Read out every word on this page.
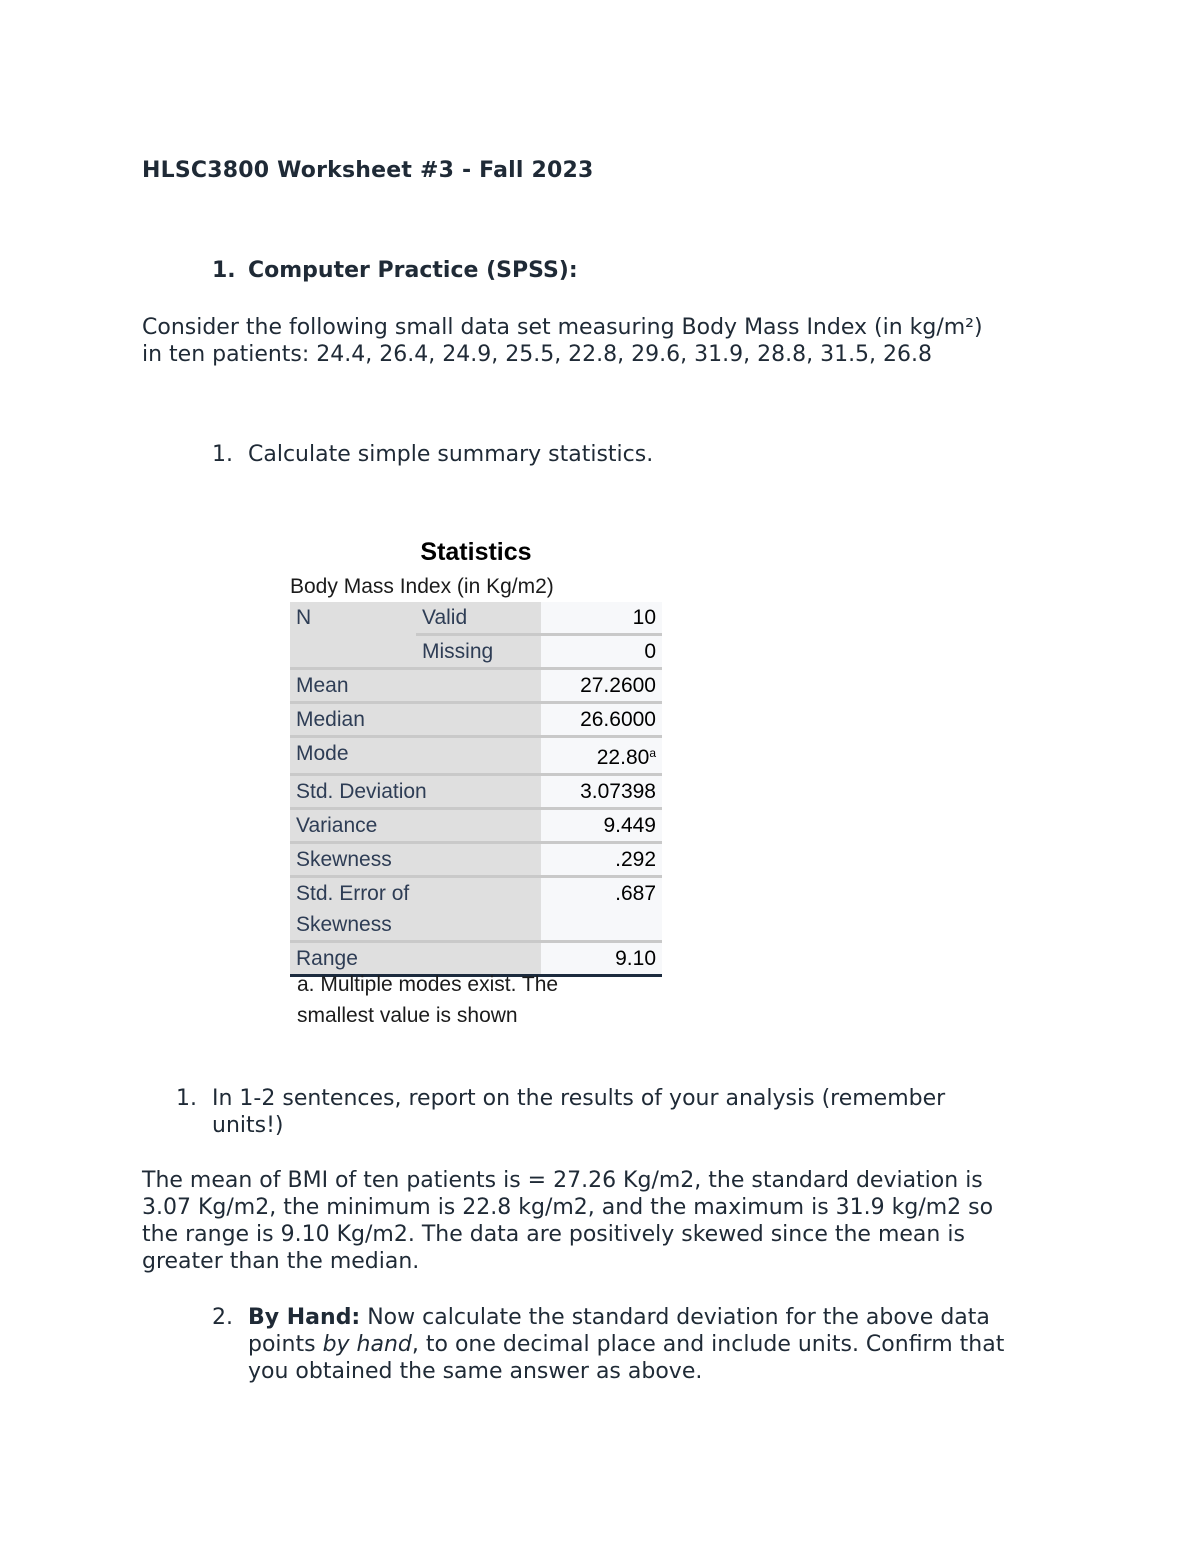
HLSC3800 Worksheet #3 - Fall 2023
1. Computer Practice (SPSS):
Consider the following small data set measuring Body Mass Index (in kg/m²)
in ten patients: 24.4, 26.4, 24.9, 25.5, 22.8, 29.6, 31.9, 28.8, 31.5, 26.8
1. Calculate simple summary statistics.
Statistics
Body Mass Index (in Kg/m2)
N	Valid	10
	Missing	0
Mean		27.2600
Median		26.6000
Mode		22.80$^a$
Std. Deviation		3.07398
Variance		9.449
Skewness		.292

Std. Error of
Skewness		.687
Range		9.10
a. Multiple modes exist. The
smallest value is shown
1. In 1-2 sentences, report on the results of your analysis (remember
units!)
The mean of BMI of ten patients is = 27.26 Kg/m2, the standard deviation is
3.07 Kg/m2, the minimum is 22.8 kg/m2, and the maximum is 31.9 kg/m2 so
the range is 9.10 Kg/m2. The data are positively skewed since the mean is
greater than the median.
2. By Hand: Now calculate the standard deviation for the above data
points by hand, to one decimal place and include units. Confirm that
you obtained the same answer as above.
